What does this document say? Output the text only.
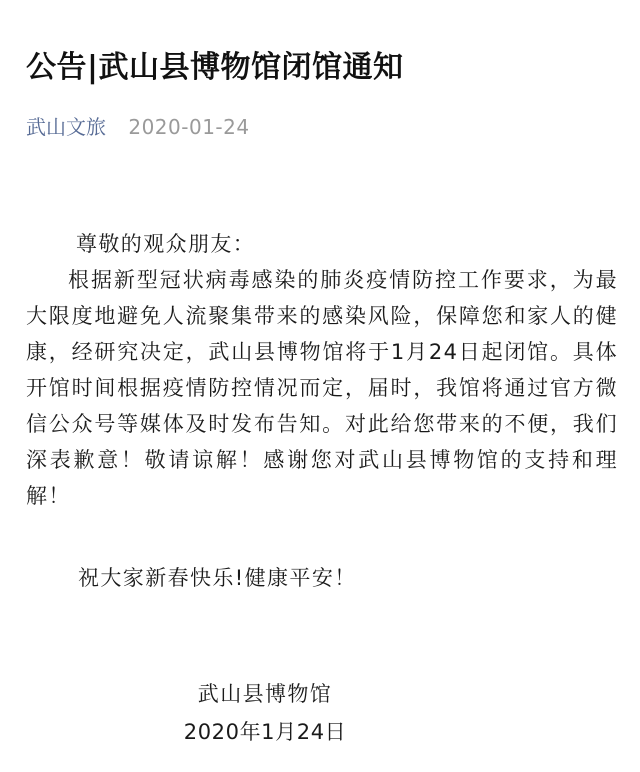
公告|武山县博物馆闭馆通知
武山文旅 2020-01-24

尊敬的观众朋友：

根据新型冠状病毒感染的肺炎疫情防控工作要求，为最大限度地避免人流聚集带来的感染风险，保障您和家人的健康，经研究决定，武山县博物馆将于1月24日起闭馆。具体开馆时间根据疫情防控情况而定，届时，我馆将通过官方微信公众号等媒体及时发布告知。对此给您带来的不便，我们深表歉意！敬请谅解！感谢您对武山县博物馆的支持和理解！

祝大家新春快乐!健康平安！
武山县博物馆
2020年1月24日
